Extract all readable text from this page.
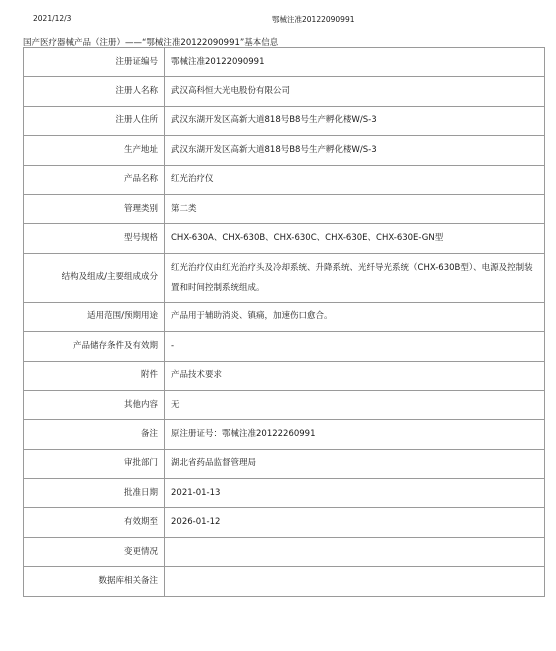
2021/12/3	鄂械注准20122090991
国产医疗器械产品（注册）——“鄂械注准20122090991”基本信息
注册证编号	鄂械注准20122090991
注册人名称	武汉高科恒大光电股份有限公司
注册人住所	武汉东湖开发区高新大道818号B8号生产孵化楼W/S-3
生产地址	武汉东湖开发区高新大道818号B8号生产孵化楼W/S-3
产品名称	红光治疗仪
管理类别	第二类
型号规格	CHX-630A、CHX-630B、CHX-630C、CHX-630E、CHX-630E-GN型
结构及组成/主要组成成分	红光治疗仪由红光治疗头及冷却系统、升降系统、光纤导光系统（CHX-630B型）、电源及控制装置和时间控制系统组成。
适用范围/预期用途	产品用于辅助消炎、镇痛，加速伤口愈合。
产品储存条件及有效期	-
附件	产品技术要求
其他内容	无
备注	原注册证号：鄂械注准20122260991
审批部门	湖北省药品监督管理局
批准日期	2021-01-13
有效期至	2026-01-12
变更情况	
数据库相关备注	
